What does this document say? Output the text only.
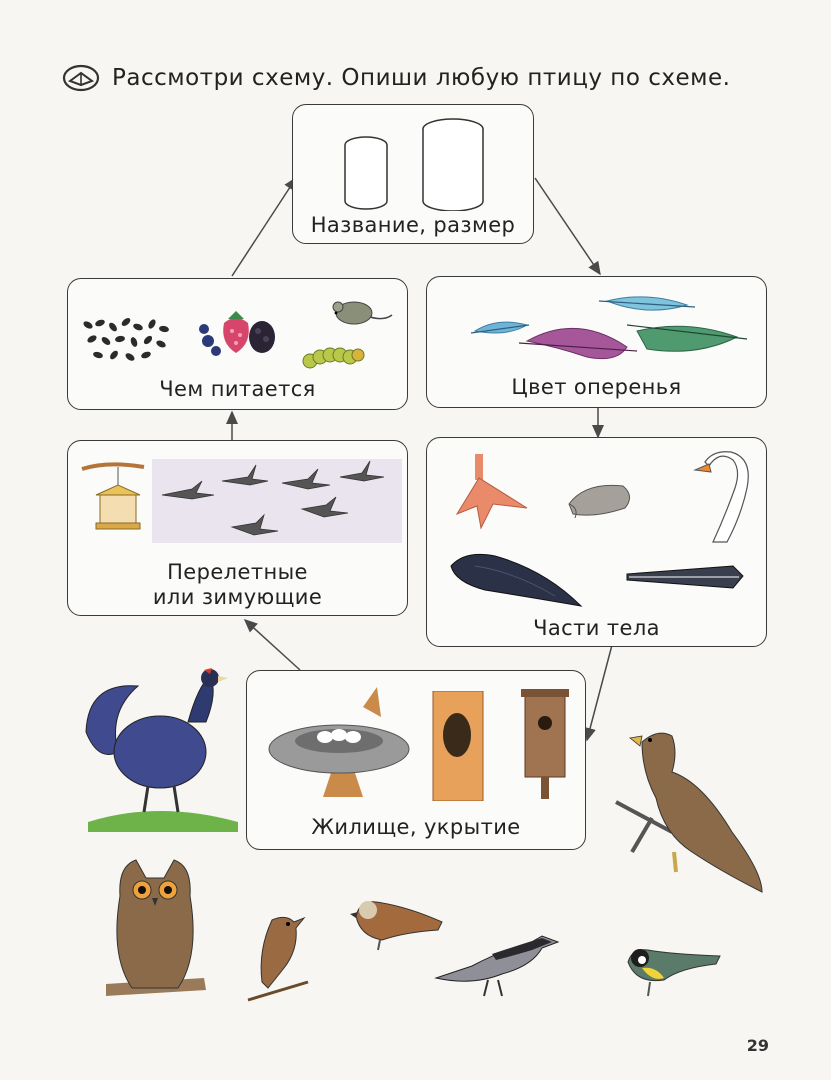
Рассмотри схему. Опиши любую птицу по схеме.
Название, размер
Чем питается	Цвет оперенья
Перелетные
или зимующие
Части тела
Жилище, укрытие
29
